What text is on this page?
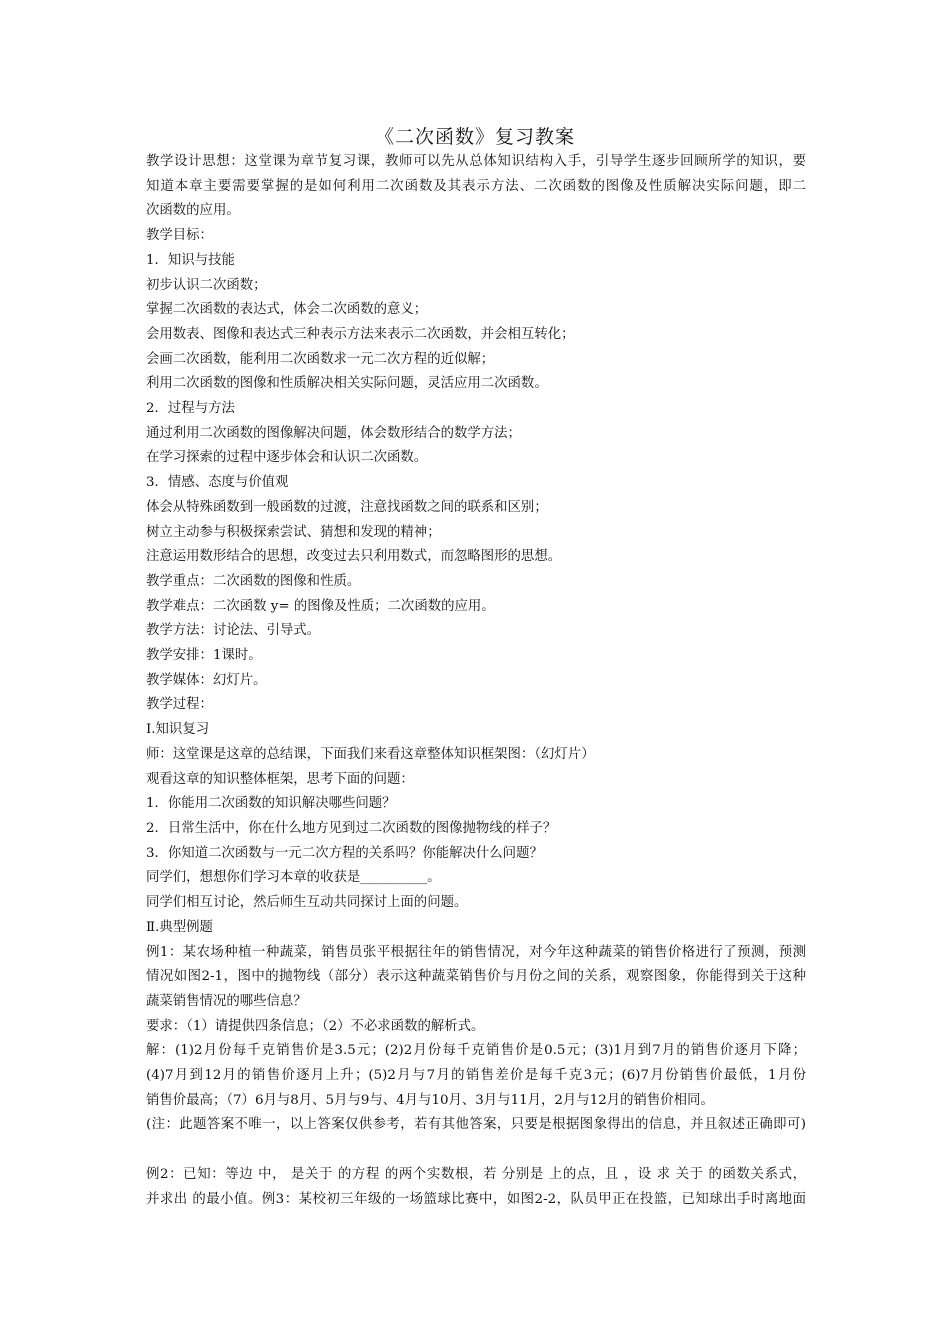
《二次函数》复习教案
教学设计思想：这堂课为章节复习课，教师可以先从总体知识结构入手，引导学生逐步回顾所学的知识，要
知道本章主要需要掌握的是如何利用二次函数及其表示方法、二次函数的图像及性质解决实际问题，即二
次函数的应用。
教学目标：
1．知识与技能
初步认识二次函数；
掌握二次函数的表达式，体会二次函数的意义；
会用数表、图像和表达式三种表示方法来表示二次函数，并会相互转化；
会画二次函数，能利用二次函数求一元二次方程的近似解；
利用二次函数的图像和性质解决相关实际问题，灵活应用二次函数。
2．过程与方法
通过利用二次函数的图像解决问题，体会数形结合的数学方法；
在学习探索的过程中逐步体会和认识二次函数。
3．情感、态度与价值观
体会从特殊函数到一般函数的过渡，注意找函数之间的联系和区别；
树立主动参与积极探索尝试、猜想和发现的精神；
注意运用数形结合的思想，改变过去只利用数式，而忽略图形的思想。
教学重点：二次函数的图像和性质。
教学难点：二次函数 y= 的图像及性质；二次函数的应用。
教学方法：讨论法、引导式。
教学安排：1课时。
教学媒体：幻灯片。
教学过程：
Ⅰ.知识复习
师：这堂课是这章的总结课，下面我们来看这章整体知识框架图：（幻灯片）
观看这章的知识整体框架，思考下面的问题：
1．你能用二次函数的知识解决哪些问题？
2．日常生活中，你在什么地方见到过二次函数的图像抛物线的样子？
3．你知道二次函数与一元二次方程的关系吗？你能解决什么问题？
同学们，想想你们学习本章的收获是__________。
同学们相互讨论，然后师生互动共同探讨上面的问题。
Ⅱ.典型例题
例1：某农场种植一种蔬菜，销售员张平根据往年的销售情况，对今年这种蔬菜的销售价格进行了预测，预测
情况如图2-1，图中的抛物线（部分）表示这种蔬菜销售价与月份之间的关系，观察图象，你能得到关于这种
蔬菜销售情况的哪些信息？
要求：（1）请提供四条信息；（2）不必求函数的解析式。
解：(1)2月份每千克销售价是3.5元；(2)2月份每千克销售价是0.5元；(3)1月到7月的销售价逐月下降；
(4)7月到12月的销售价逐月上升；(5)2月与7月的销售差价是每千克3元；(6)7月份销售价最低，1月份
销售价最高；（7）6月与8月、5月与9与、4月与10月、3月与11月，2月与12月的销售价相同。
(注：此题答案不唯一，以上答案仅供参考，若有其他答案，只要是根据图象得出的信息，并且叙述正确即可)
例2：已知：等边 中， 是关于 的方程 的两个实数根，若 分别是 上的点，且 ，设 求 关于 的函数关系式，
并求出 的最小值。例3：某校初三年级的一场篮球比赛中，如图2-2，队员甲正在投篮，已知球出手时离地面
